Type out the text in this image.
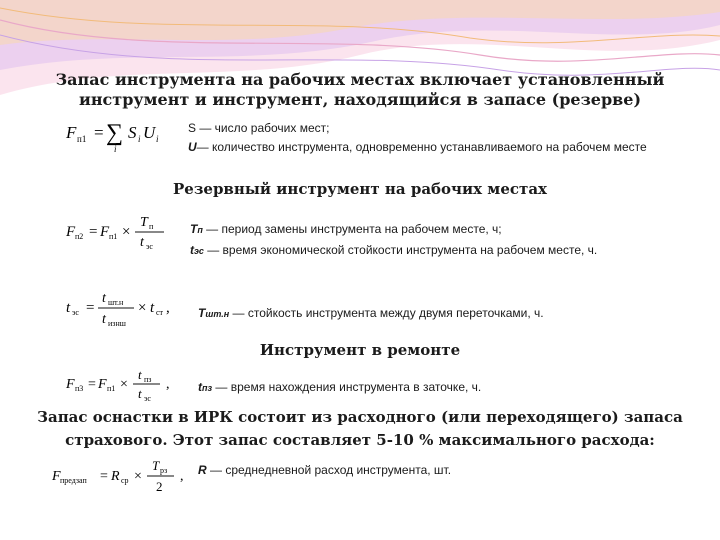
Запас инструмента на рабочих местах включает установленный
инструмент и инструмент, находящийся в запасе (резерве)
F п1 = ∑
i
S i U i
S — число рабочих мест;
U— количество инструмента, одновременно устанавливаемого на рабочем месте
Резервный инструмент на рабочих местах
F п2 = F п1 ×
T п
t эс
Tп — период замены инструмента на рабочем месте, ч;
tэс — время экономической стойкости инструмента на рабочем месте, ч.
t эс =
t шт.н
t изнш
× t ст , Tшт.н — стойкость инструмента между двумя переточками, ч.
Инструмент в ремонте
F п3 = F п1 ×
t пз
t эс
, tпз — время нахождения инструмента в заточке, ч.
Запас оснастки в ИРК состоит из расходного (или переходящего) запаса
страхового. Этот запас составляет 5-10 % максимального расхода:
F предзап = R ср ×
T рз
2
, R — среднедневной расход инструмента, шт.
